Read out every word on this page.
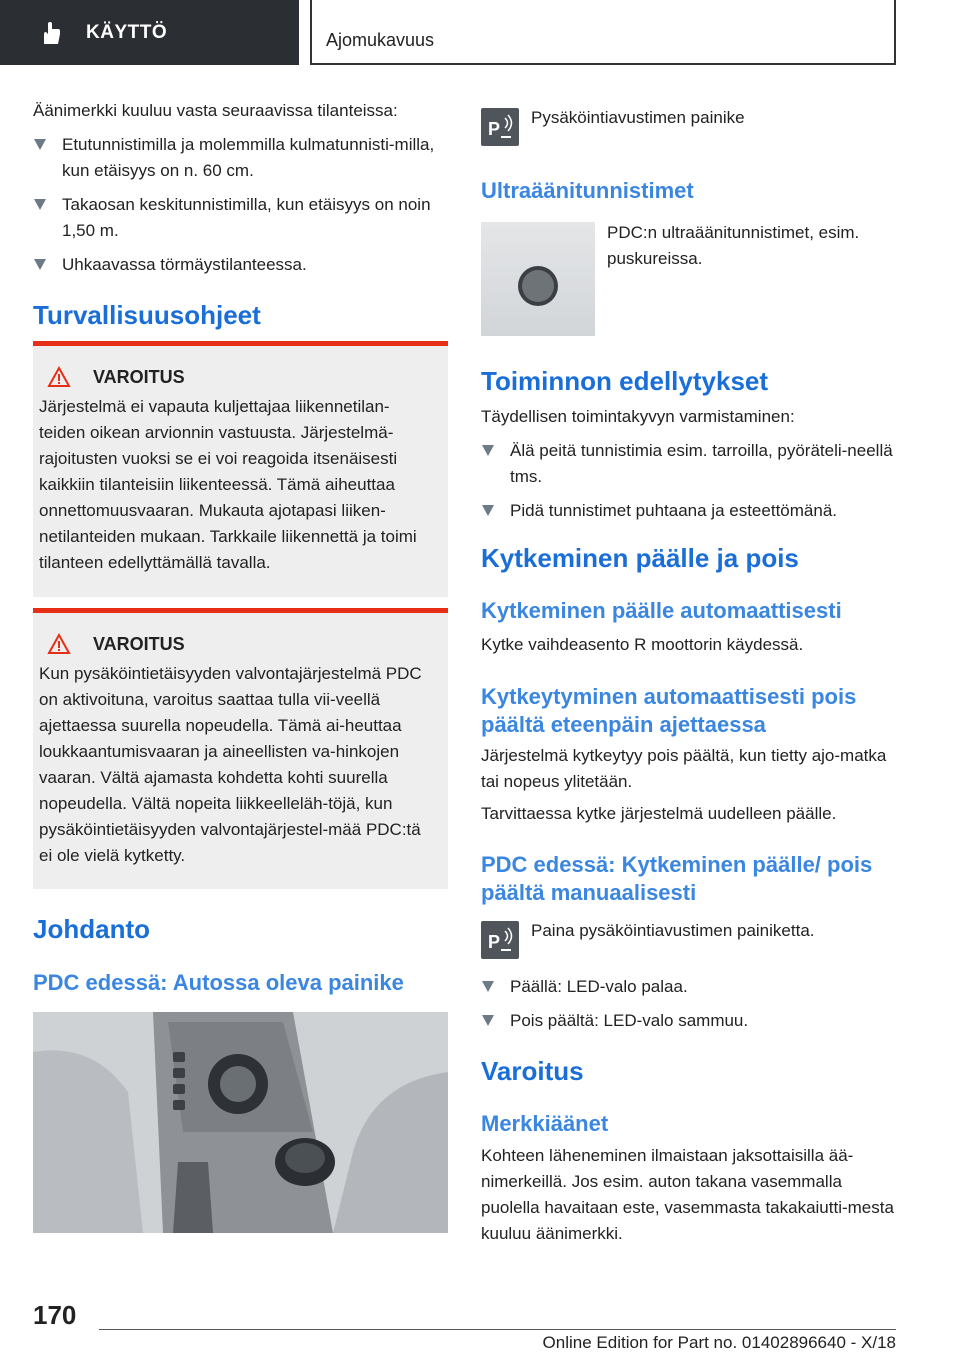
KÄYTTÖ	Ajomukavuus

Äänimerkki kuuluu vasta seuraavissa tilanteissa:

Etutunnistimilla ja molemmilla kulmatunnisti-milla, kun etäisyys on n. 60 cm.
Takaosan keskitunnistimilla, kun etäisyys on noin 1,50 m.
Uhkaavassa törmäystilanteessa.
Turvallisuusohjeet
VAROITUS

Järjestelmä ei vapauta kuljettajaa liikennetilan-teiden oikean arvionnin vastuusta. Järjestelmä-rajoitusten vuoksi se ei voi reagoida itsenäisesti kaikkiin tilanteisiin liikenteessä. Tämä aiheuttaa onnettomuusvaaran. Mukauta ajotapasi liiken-netilanteiden mukaan. Tarkkaile liikennettä ja toimi tilanteen edellyttämällä tavalla.

VAROITUS

Kun pysäköintietäisyyden valvontajärjestelmä PDC on aktivoituna, varoitus saattaa tulla vii-veellä ajettaessa suurella nopeudella. Tämä ai-heuttaa loukkaantumisvaaran ja aineellisten va-hinkojen vaaran. Vältä ajamasta kohdetta kohti suurella nopeudella. Vältä nopeita liikkeelleläh-töjä, kun pysäköintietäisyyden valvontajärjestel-mää PDC:tä ei ole vielä kytketty.

Johdanto
PDC edessä: Autossa oleva painike
P
Pysäköintiavustimen painike
Ultraäänitunnistimet

PDC:n ultraäänitunnistimet, esim. puskureissa.

Toiminnon edellytykset

Täydellisen toimintakyvyn varmistaminen:

Älä peitä tunnistimia esim. tarroilla, pyöräteli-neellä tms.
Pidä tunnistimet puhtaana ja esteettömänä.
Kytkeminen päälle ja pois
Kytkeminen päälle automaattisesti

Kytke vaihdeasento R moottorin käydessä.

Kytkeytyminen automaattisesti pois päältä eteenpäin ajettaessa

Järjestelmä kytkeytyy pois päältä, kun tietty ajo-matka tai nopeus ylitetään.

Tarvittaessa kytke järjestelmä uudelleen päälle.

PDC edessä: Kytkeminen päälle/ pois päältä manuaalisesti
P
Paina pysäköintiavustimen painiketta.
Päällä: LED-valo palaa.
Pois päältä: LED-valo sammuu.
Varoitus
Merkkiäänet

Kohteen läheneminen ilmaistaan jaksottaisilla ää-nimerkeillä. Jos esim. auton takana vasemmalla puolella havaitaan este, vasemmasta takakaiutti-mesta kuuluu äänimerkki.

170
Online Edition for Part no. 01402896640 - X/18
